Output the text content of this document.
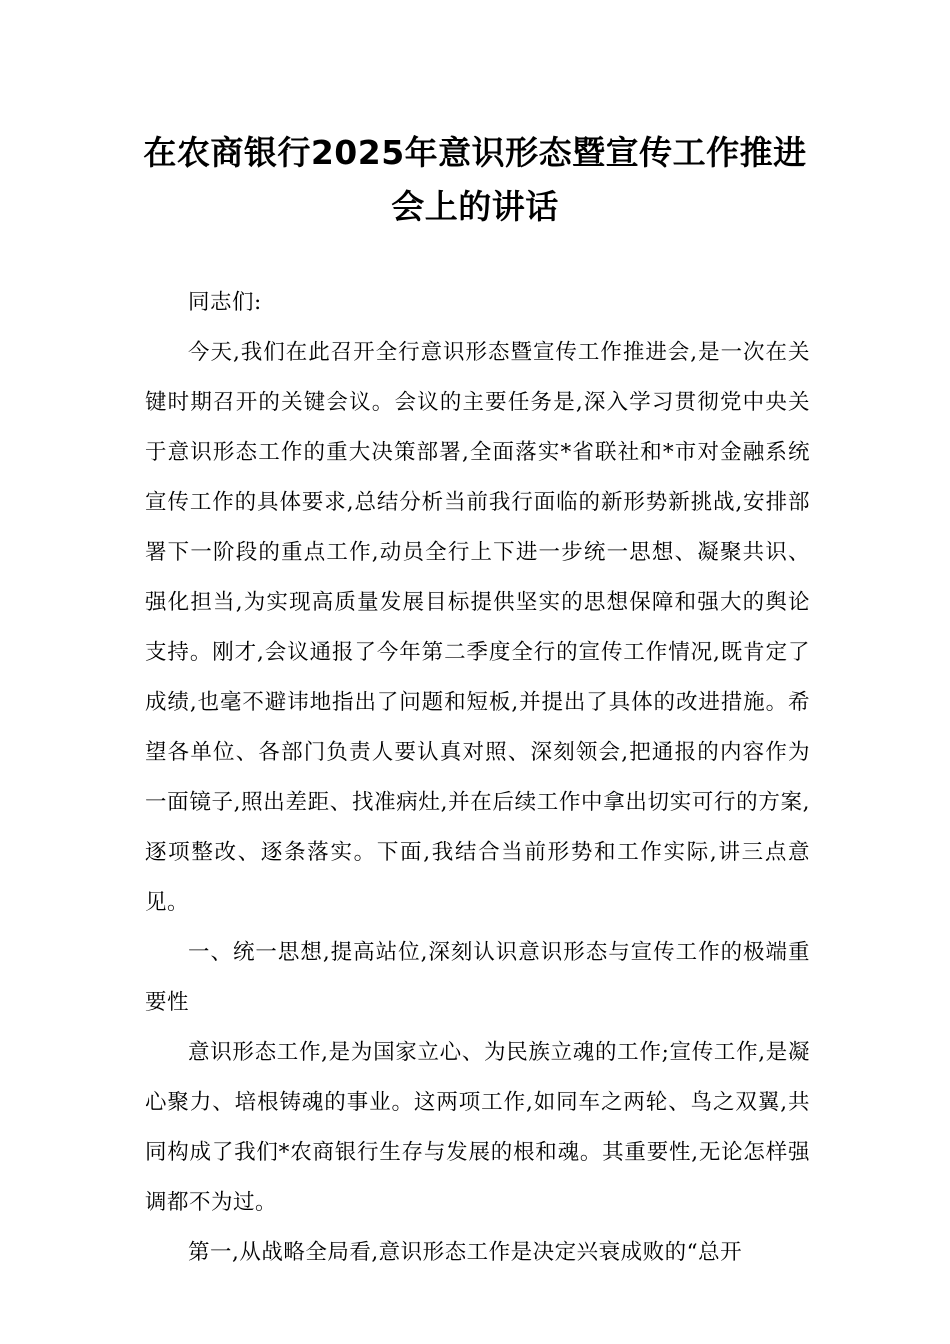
在农商银行2025年意识形态暨宣传工作推进会上的讲话

同志们:

今天,我们在此召开全行意识形态暨宣传工作推进会,是一次在关键时期召开的关键会议。会议的主要任务是,深入学习贯彻党中央关于意识形态工作的重大决策部署,全面落实*省联社和*市对金融系统宣传工作的具体要求,总结分析当前我行面临的新形势新挑战,安排部署下一阶段的重点工作,动员全行上下进一步统一思想、凝聚共识、强化担当,为实现高质量发展目标提供坚实的思想保障和强大的舆论支持。刚才,会议通报了今年第二季度全行的宣传工作情况,既肯定了成绩,也毫不避讳地指出了问题和短板,并提出了具体的改进措施。希望各单位、各部门负责人要认真对照、深刻领会,把通报的内容作为一面镜子,照出差距、找准病灶,并在后续工作中拿出切实可行的方案,逐项整改、逐条落实。下面,我结合当前形势和工作实际,讲三点意见。

一、统一思想,提高站位,深刻认识意识形态与宣传工作的极端重要性

意识形态工作,是为国家立心、为民族立魂的工作;宣传工作,是凝心聚力、培根铸魂的事业。这两项工作,如同车之两轮、鸟之双翼,共同构成了我们*农商银行生存与发展的根和魂。其重要性,无论怎样强调都不为过。

第一,从战略全局看,意识形态工作是决定兴衰成败的“总开
